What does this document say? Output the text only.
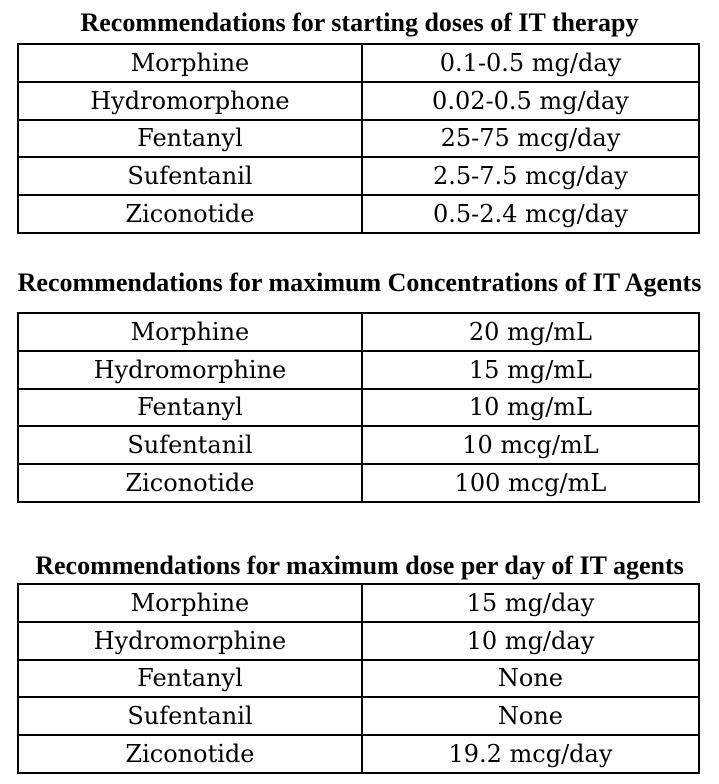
Recommendations for starting doses of IT therapy
Morphine	0.1-0.5 mg/day
Hydromorphone	0.02-0.5 mg/day
Fentanyl	25-75 mcg/day
Sufentanil	2.5-7.5 mcg/day
Ziconotide	0.5-2.4 mcg/day
Recommendations for maximum Concentrations of IT Agents
Morphine	20 mg/mL
Hydromorphine	15 mg/mL
Fentanyl	10 mg/mL
Sufentanil	10 mcg/mL
Ziconotide	100 mcg/mL
Recommendations for maximum dose per day of IT agents
Morphine	15 mg/day
Hydromorphine	10 mg/day
Fentanyl	None
Sufentanil	None
Ziconotide	19.2 mcg/day
